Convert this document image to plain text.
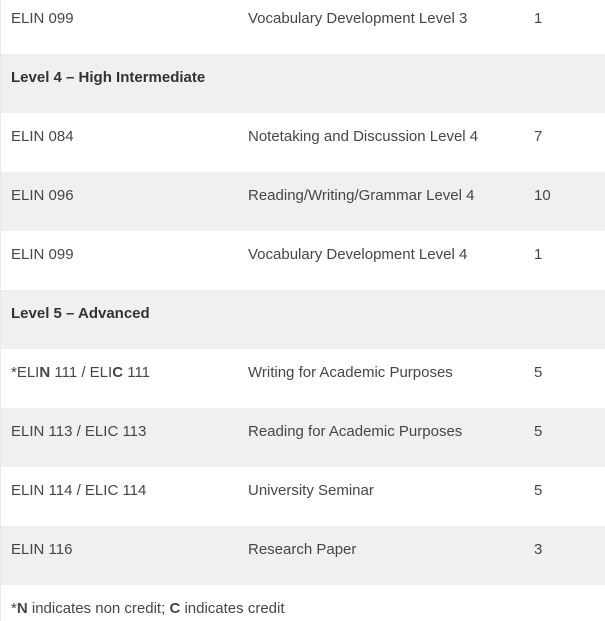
ELIN 099	Vocabulary Development Level 3	1
Level 4 – High Intermediate
ELIN 084	Notetaking and Discussion Level 4	7
ELIN 096	Reading/Writing/Grammar Level 4	10
ELIN 099	Vocabulary Development Level 4	1
Level 5 – Advanced
*ELIN 111 / ELIC 111	Writing for Academic Purposes	5
ELIN 113 / ELIC 113	Reading for Academic Purposes	5
ELIN 114 / ELIC 114	University Seminar	5
ELIN 116	Research Paper	3
*N indicates non credit; C indicates credit
